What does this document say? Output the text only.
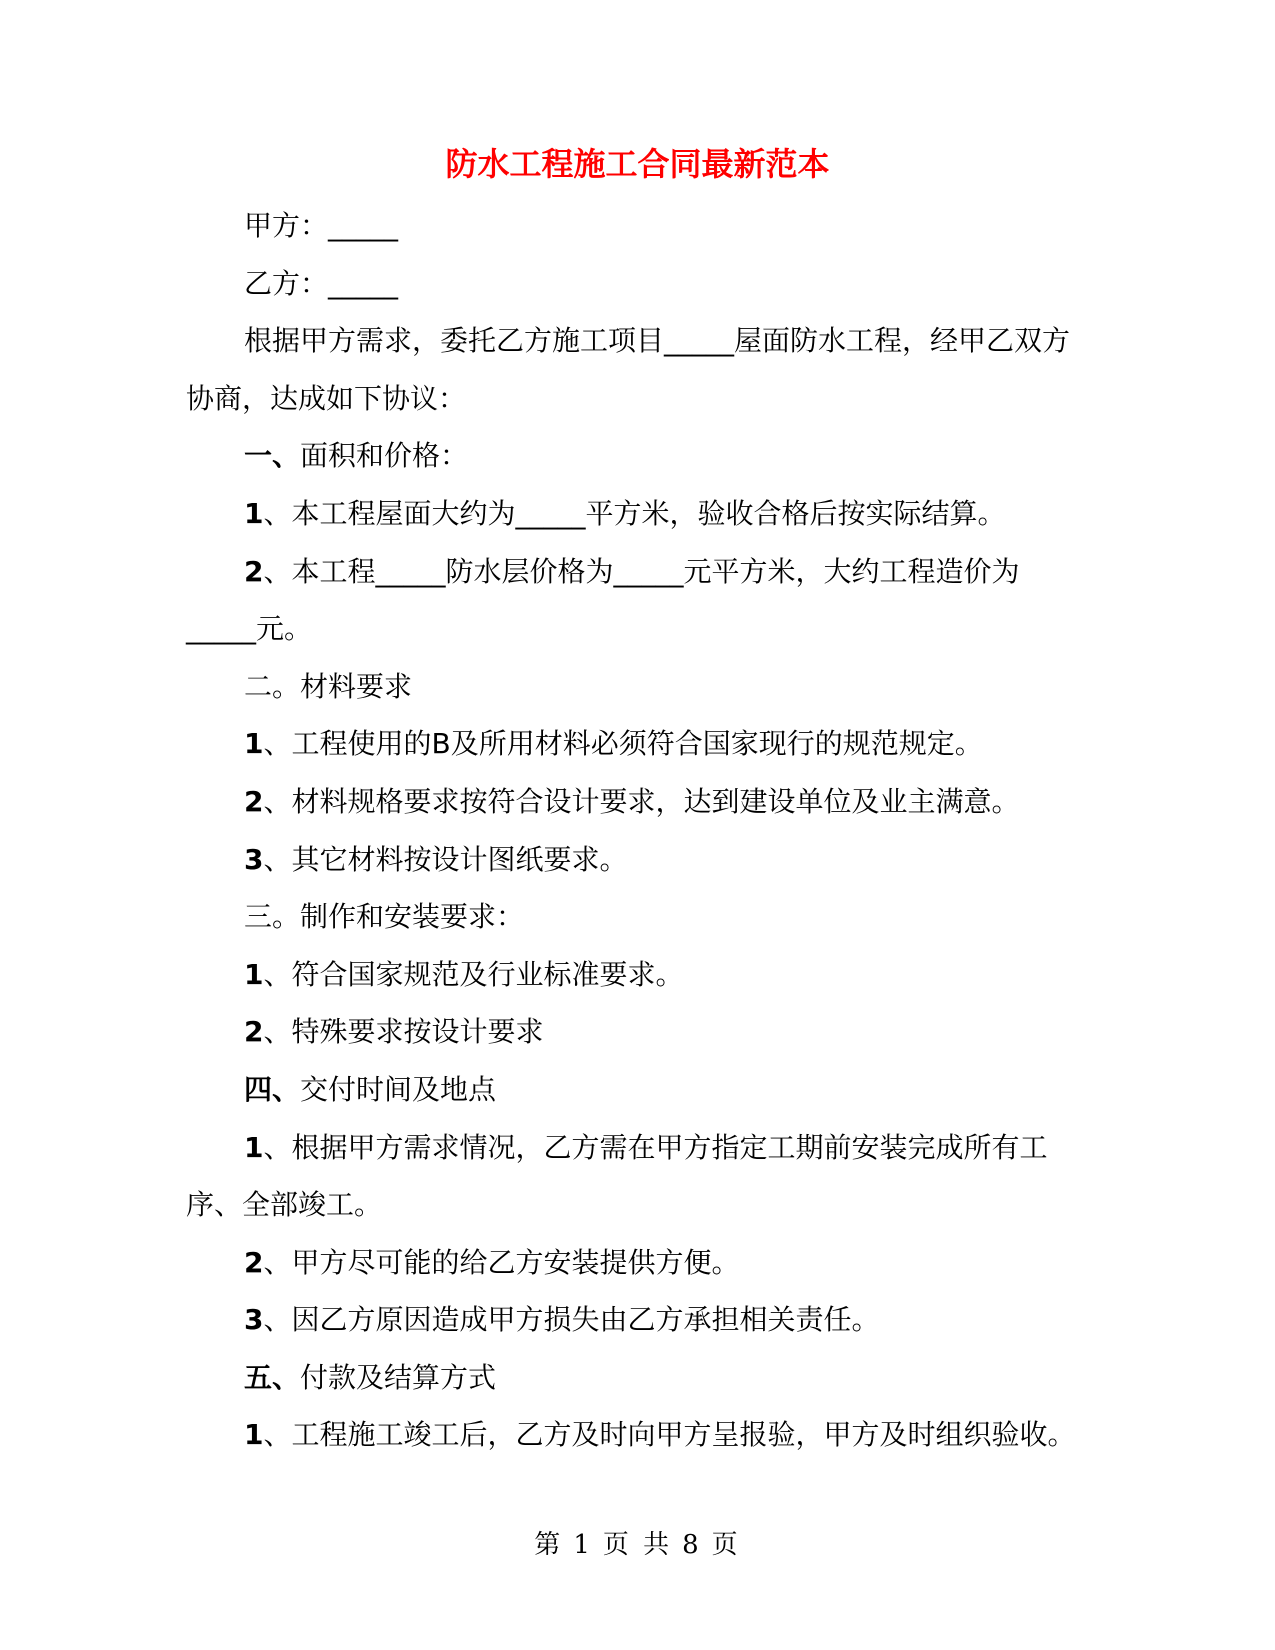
防水工程施工合同最新范本

甲方：_____

乙方：_____

根据甲方需求，委托乙方施工项目_____屋面防水工程，经甲乙双方协商，达成如下协议：

一、面积和价格：

1、本工程屋面大约为_____平方米，验收合格后按实际结算。

2、本工程_____防水层价格为_____元平方米，大约工程造价为_____元。

二。材料要求

1、工程使用的B及所用材料必须符合国家现行的规范规定。

2、材料规格要求按符合设计要求，达到建设单位及业主满意。

3、其它材料按设计图纸要求。

三。制作和安装要求：

1、符合国家规范及行业标准要求。

2、特殊要求按设计要求

四、交付时间及地点

1、根据甲方需求情况，乙方需在甲方指定工期前安装完成所有工序、全部竣工。

2、甲方尽可能的给乙方安装提供方便。

3、因乙方原因造成甲方损失由乙方承担相关责任。

五、付款及结算方式

1、工程施工竣工后，乙方及时向甲方呈报验，甲方及时组织验收。

第 1 页 共 8 页
